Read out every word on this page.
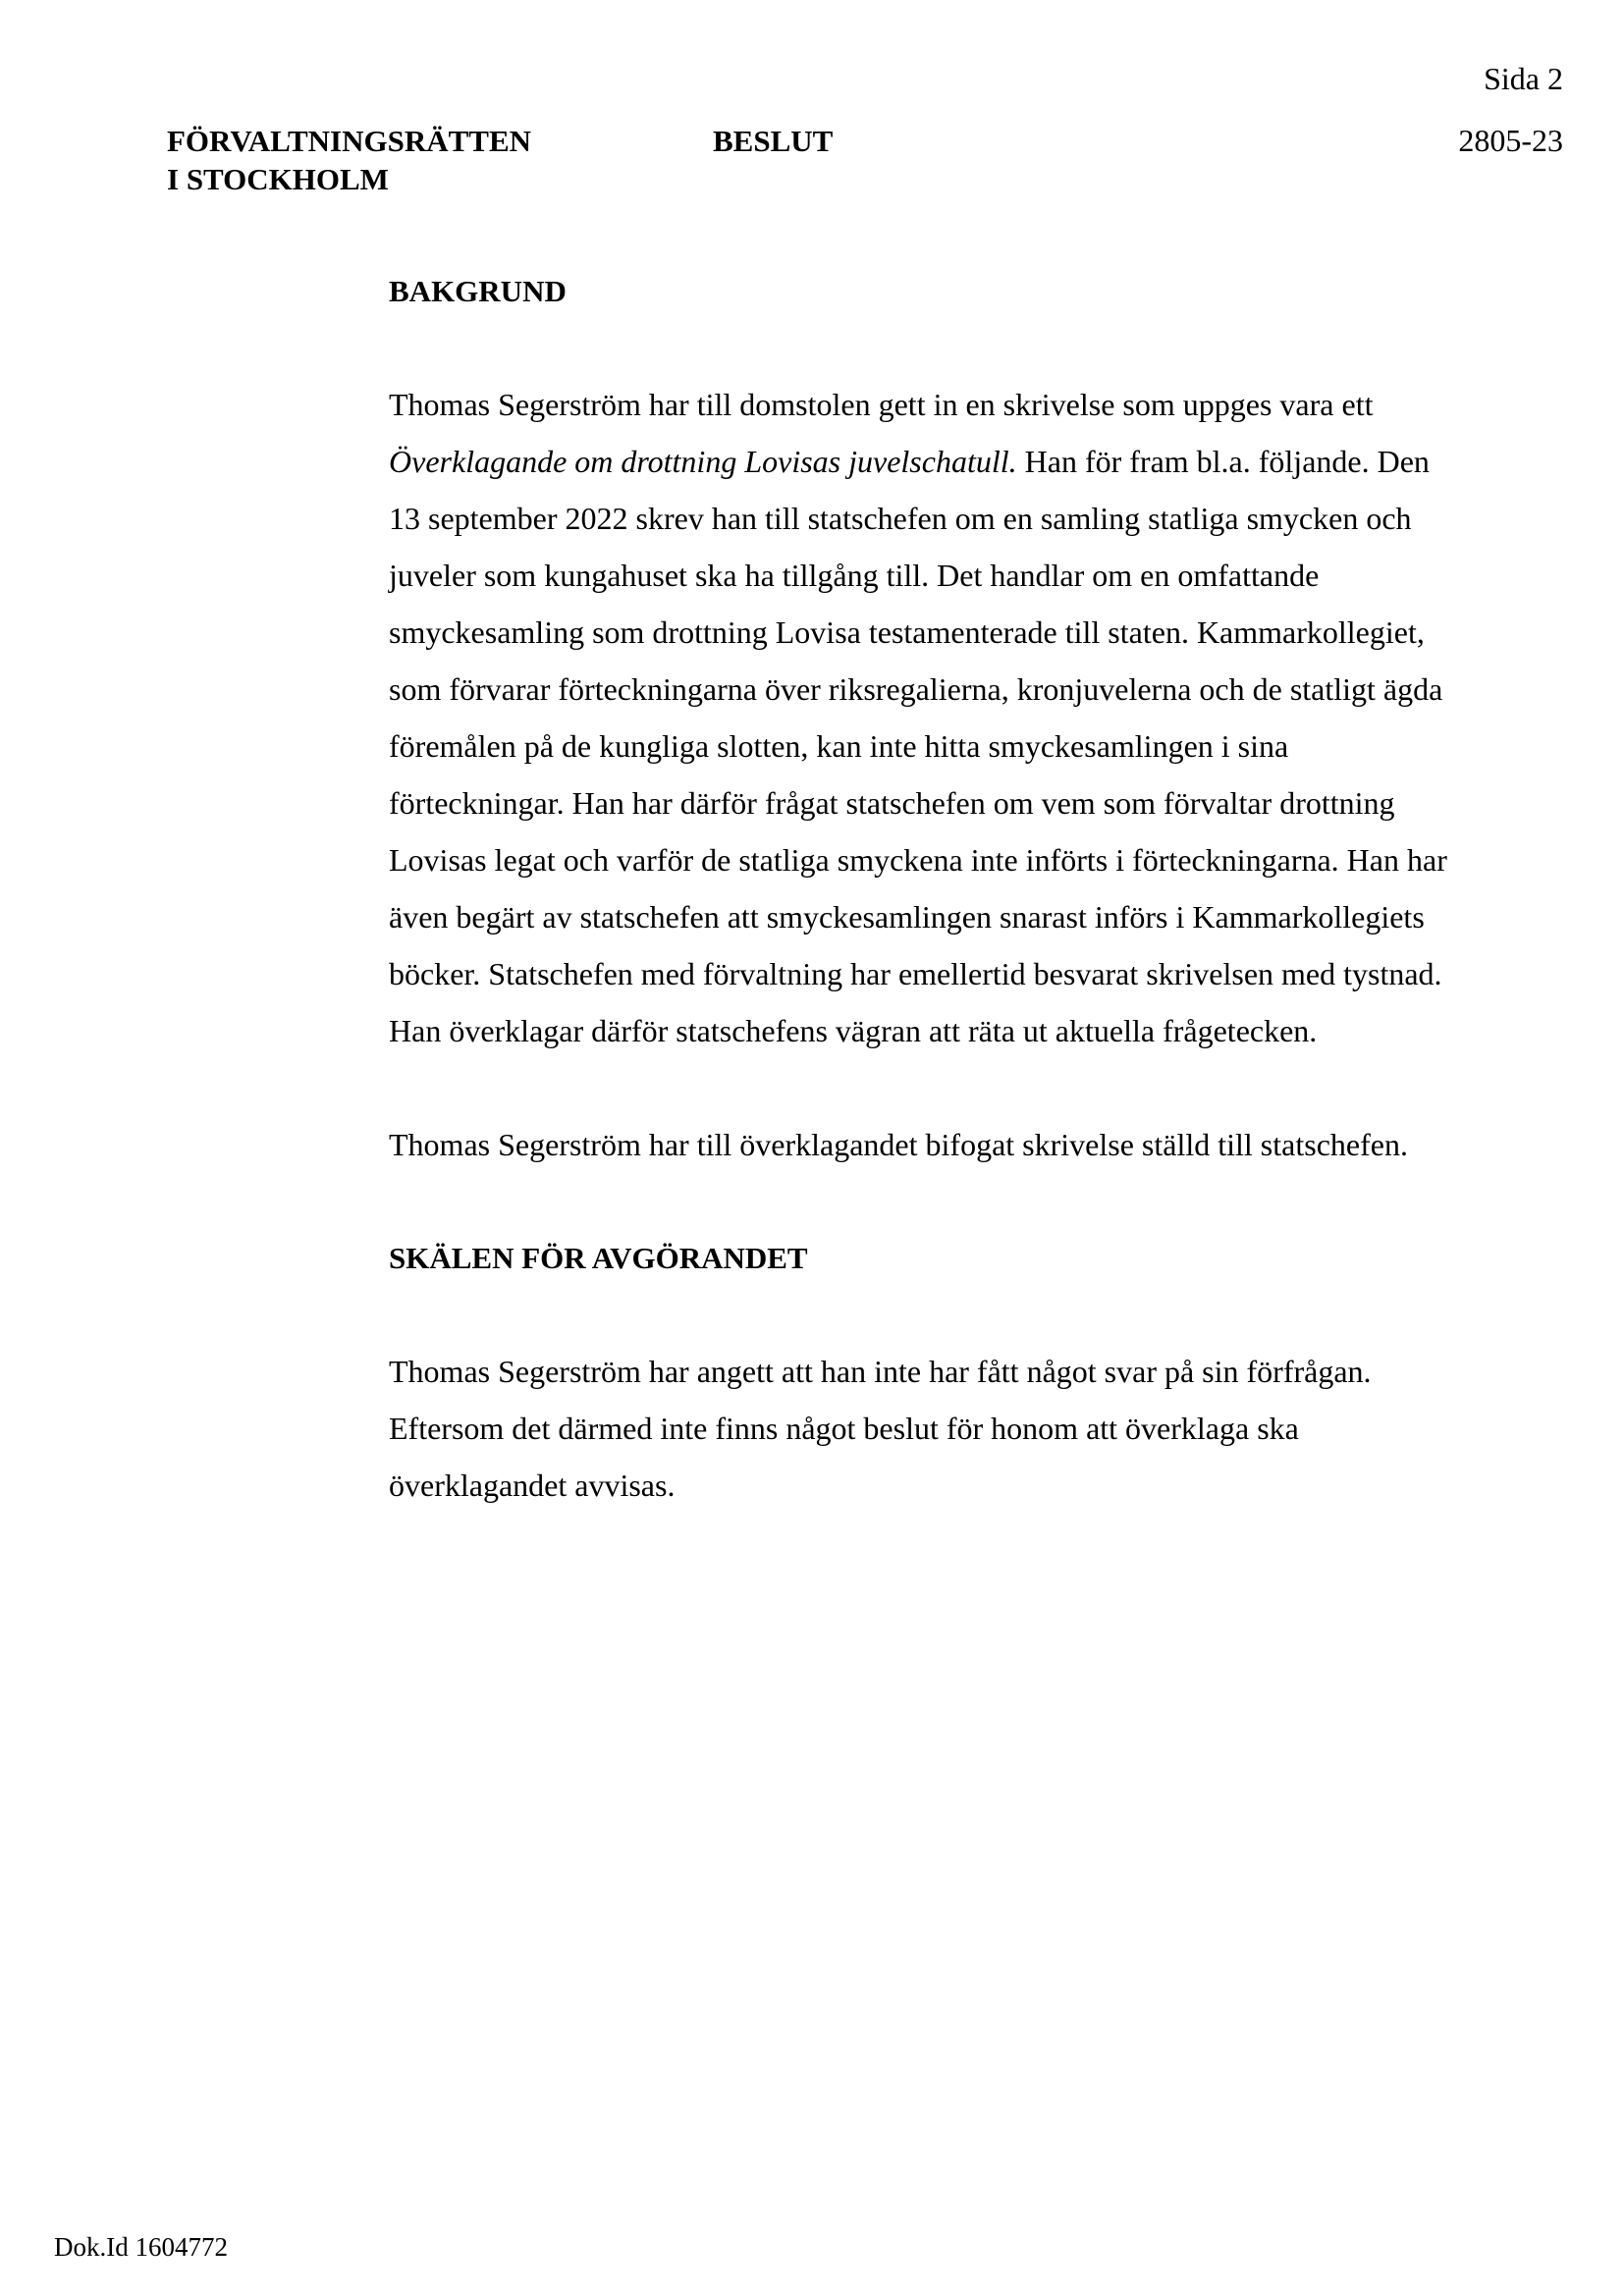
Sida 2
FÖRVALTNINGSRÄTTEN
I STOCKHOLM
BESLUT	2805-23
BAKGRUND

Thomas Segerström har till domstolen gett in en skrivelse som uppges vara ett Överklagande om drottning Lovisas juvelschatull. Han för fram bl.a. följande. Den 13 september 2022 skrev han till statschefen om en samling statliga smycken och juveler som kungahuset ska ha tillgång till. Det handlar om en omfattande smyckesamling som drottning Lovisa testamenterade till staten. Kammarkollegiet, som förvarar förteckningarna över riksregalierna, kronjuvelerna och de statligt ägda föremålen på de kungliga slotten, kan inte hitta smyckesamlingen i sina förteckningar. Han har därför frågat statschefen om vem som förvaltar drottning Lovisas legat och varför de statliga smyckena inte införts i förteckningarna. Han har även begärt av statschefen att smyckesamlingen snarast införs i Kammarkollegiets böcker. Statschefen med förvaltning har emellertid besvarat skrivelsen med tystnad. Han överklagar därför statschefens vägran att räta ut aktuella frågetecken.

Thomas Segerström har till överklagandet bifogat skrivelse ställd till statschefen.

SKÄLEN FÖR AVGÖRANDET

Thomas Segerström har angett att han inte har fått något svar på sin förfrågan. Eftersom det därmed inte finns något beslut för honom att överklaga ska överklagandet avvisas.

Dok.Id 1604772
